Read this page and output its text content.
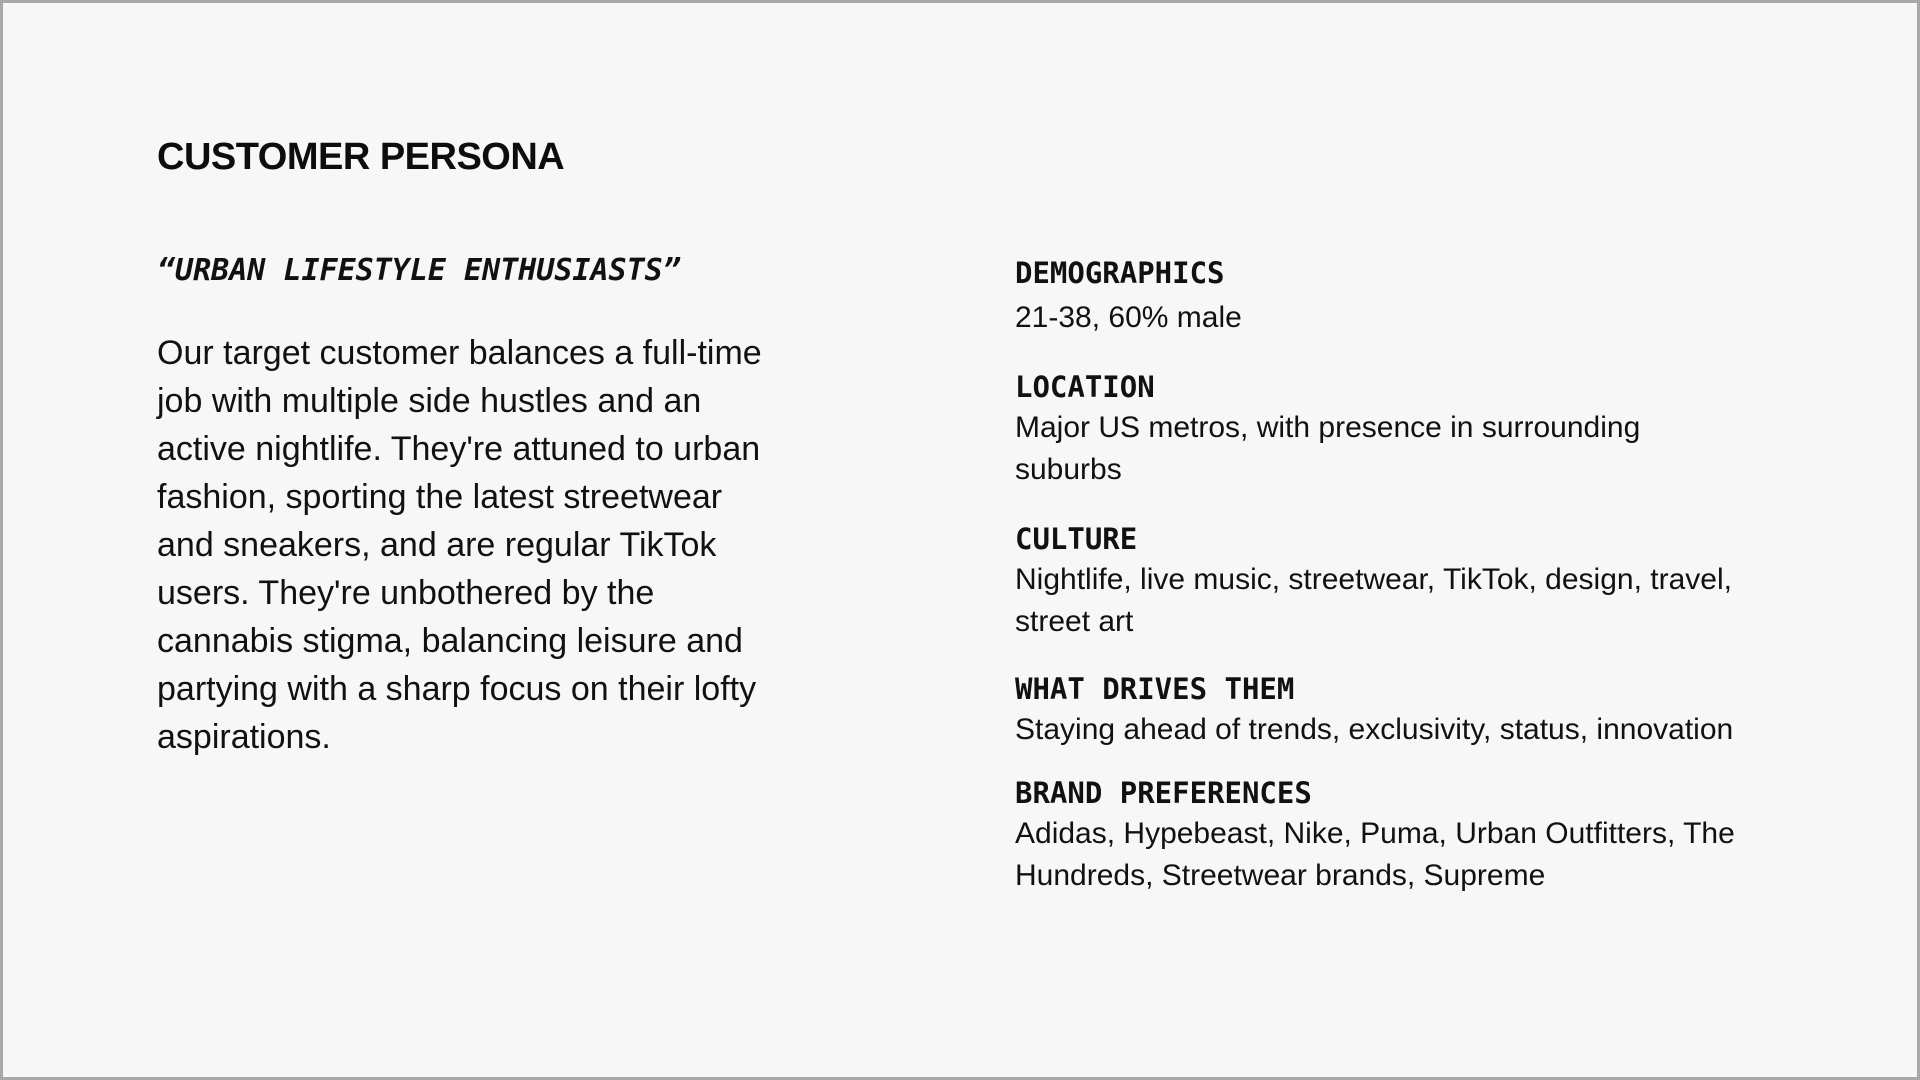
CUSTOMER PERSONA

“URBAN LIFESTYLE ENTHUSIASTS”

Our target customer balances a full-time job with multiple side hustles and an active nightlife. They're attuned to urban fashion, sporting the latest streetwear and sneakers, and are regular TikTok users. They're unbothered by the cannabis stigma, balancing leisure and partying with a sharp focus on their lofty aspirations.

DEMOGRAPHICS
21-38, 60% male
LOCATION
Major US metros, with presence in surrounding suburbs
CULTURE
Nightlife, live music, streetwear, TikTok, design, travel, street art
WHAT DRIVES THEM
Staying ahead of trends, exclusivity, status, innovation
BRAND PREFERENCES
Adidas, Hypebeast, Nike, Puma, Urban Outfitters, The Hundreds, Streetwear brands, Supreme
